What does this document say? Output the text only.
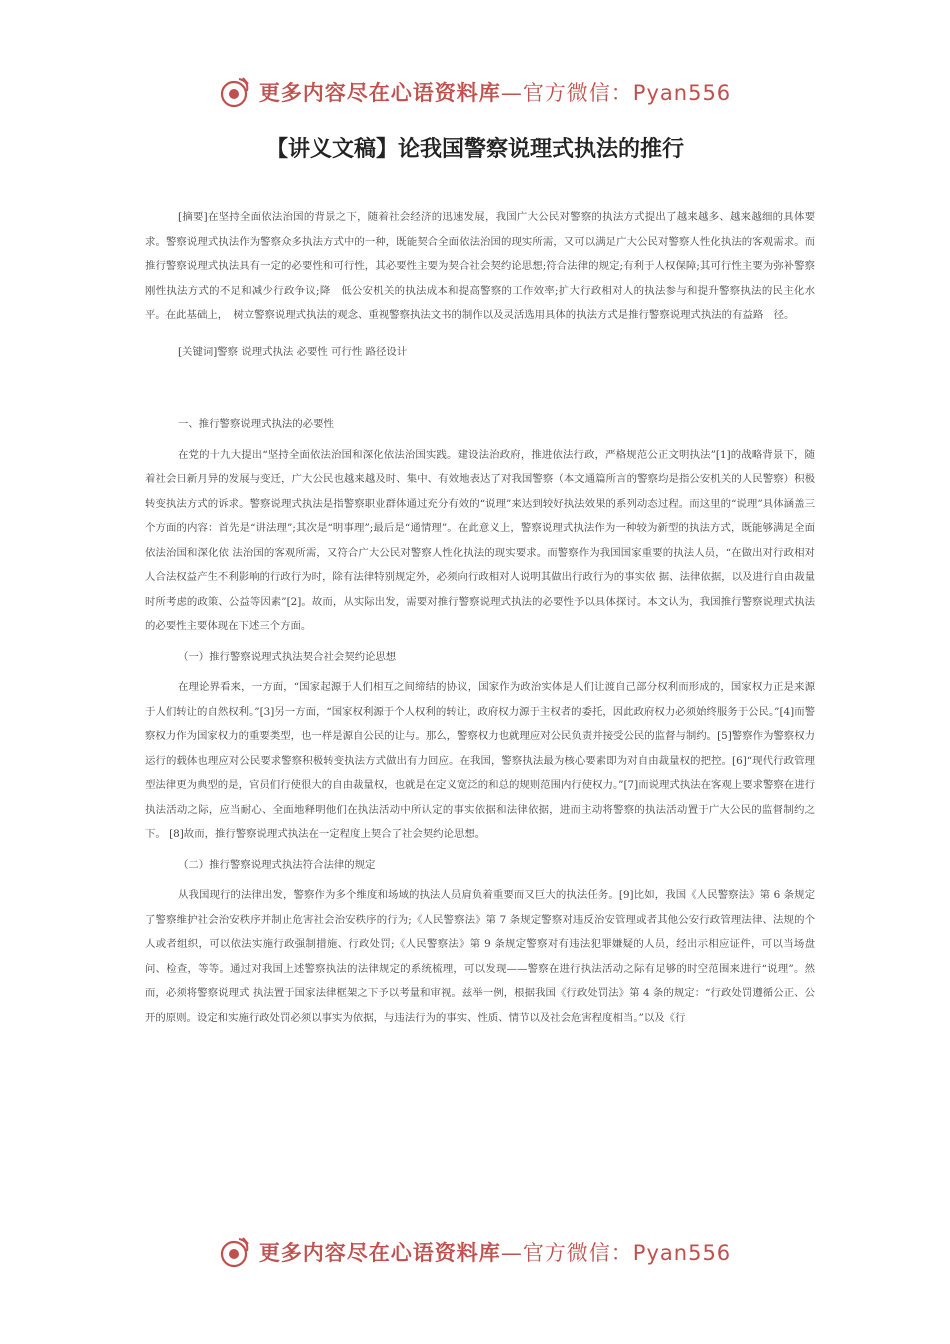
更多内容尽在心语资料库—官方微信：Pyan556
【讲义文稿】论我国警察说理式执法的推行

[摘要]在坚持全面依法治国的背景之下，随着社会经济的迅速发展，我国广大公民对警察的执法方式提出了越来越多、越来越细的具体要求。警察说理式执法作为警察众多执法方式中的一种，既能契合全面依法治国的现实所需，又可以满足广大公民对警察人性化执法的客观需求。而推行警察说理式执法具有一定的必要性和可行性，其必要性主要为契合社会契约论思想;符合法律的规定;有利于人权保障;其可行性主要为弥补警察刚性执法方式的不足和减少行政争议;降　低公安机关的执法成本和提高警察的工作效率;扩大行政相对人的执法参与和提升警察执法的民主化水平。在此基础上，　树立警察说理式执法的观念、重视警察执法文书的制作以及灵活选用具体的执法方式是推行警察说理式执法的有益路　径。

[关键词]警察 说理式执法 必要性 可行性 路径设计

一、推行警察说理式执法的必要性

在党的十九大提出“坚持全面依法治国和深化依法治国实践。建设法治政府，推进依法行政，严格规范公正文明执法”[1]的战略背景下，随着社会日新月异的发展与变迁，广大公民也越来越及时、集中、有效地表达了对我国警察（本文通篇所言的警察均是指公安机关的人民警察）积极转变执法方式的诉求。警察说理式执法是指警察职业群体通过充分有效的“说理”来达到较好执法效果的系列动态过程。而这里的“说理”具体涵盖三个方面的内容：首先是“讲法理”;其次是“明事理”;最后是“通情理”。在此意义上，警察说理式执法作为一种较为新型的执法方式，既能够满足全面依法治国和深化依 法治国的客观所需，又符合广大公民对警察人性化执法的现实要求。而警察作为我国国家重要的执法人员，“在做出对行政相对人合法权益产生不利影响的行政行为时，除有法律特别规定外，必须向行政相对人说明其做出行政行为的事实依 据、法律依据，以及进行自由裁量时所考虑的政策、公益等因素”[2]。故而，从实际出发，需要对推行警察说理式执法的必要性予以具体探讨。本文认为，我国推行警察说理式执法的必要性主要体现在下述三个方面。

（一）推行警察说理式执法契合社会契约论思想

在理论界看来，一方面，“国家起源于人们相互之间缔结的协议，国家作为政治实体是人们让渡自己部分权利而形成的，国家权力正是来源于人们转让的自然权利。”[3]另一方面，“国家权利源于个人权利的转让，政府权力源于主权者的委托，因此政府权力必须始终服务于公民。”[4]而警察权力作为国家权力的重要类型，也一样是源自公民的让与。那么，警察权力也就理应对公民负责并接受公民的监督与制约。[5]警察作为警察权力运行的载体也理应对公民要求警察积极转变执法方式做出有力回应。在我国，警察执法最为核心要素即为对自由裁量权的把控。[6]“现代行政管理型法律更为典型的是，官员们行使很大的自由裁量权，也就是在定义宽泛的和总的规则范围内行使权力。”[7]而说理式执法在客观上要求警察在进行执法活动之际，应当耐心、全面地释明他们在执法活动中所认定的事实依据和法律依据，进而主动将警察的执法活动置于广大公民的监督制约之下。 [8]故而，推行警察说理式执法在一定程度上契合了社会契约论思想。

（二）推行警察说理式执法符合法律的规定

从我国现行的法律出发，警察作为多个维度和场域的执法人员肩负着重要而又巨大的执法任务。[9]比如，我国《人民警察法》第 6 条规定了警察维护社会治安秩序并制止危害社会治安秩序的行为;《人民警察法》第 7 条规定警察对违反治安管理或者其他公安行政管理法律、法规的个人或者组织，可以依法实施行政强制措施、行政处罚;《人民警察法》第 9 条规定警察对有违法犯罪嫌疑的人员，经出示相应证件，可以当场盘问、检查，等等。通过对我国上述警察执法的法律规定的系统梳理，可以发现——警察在进行执法活动之际有足够的时空范围来进行“说理”。然而，必须将警察说理式 执法置于国家法律框架之下予以考量和审视。兹举一例，根据我国《行政处罚法》第 4 条的规定：“行政处罚遵循公正、公开的原则。设定和实施行政处罚必须以事实为依据，与违法行为的事实、性质、情节以及社会危害程度相当。”以及《行

更多内容尽在心语资料库—官方微信：Pyan556
